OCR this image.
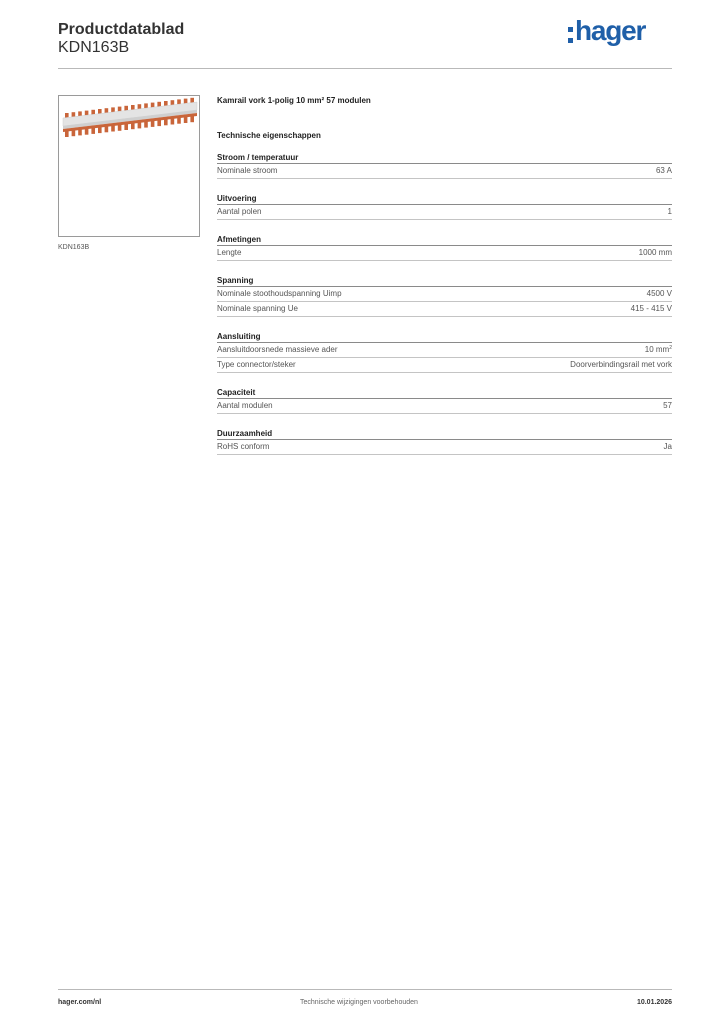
Productdatablad
KDN163B
hager
KDN163B
Kamrail vork 1-polig 10 mm² 57 modulen
Technische eigenschappen
Stroom / temperatuur
Nominale stroom	63 A
Uitvoering
Aantal polen	1
Afmetingen
Lengte	1000 mm
Spanning
Nominale stoothoudspanning Uimp	4500 V
Nominale spanning Ue	415 - 415 V
Aansluiting
Aansluitdoorsnede massieve ader	10 $mm^2$
Type connector/steker	Doorverbindingsrail met vork
Capaciteit
Aantal modulen	57
Duurzaamheid
RoHS conform	Ja
hager.com/nl	Technische wijzigingen voorbehouden	10.01.2026
